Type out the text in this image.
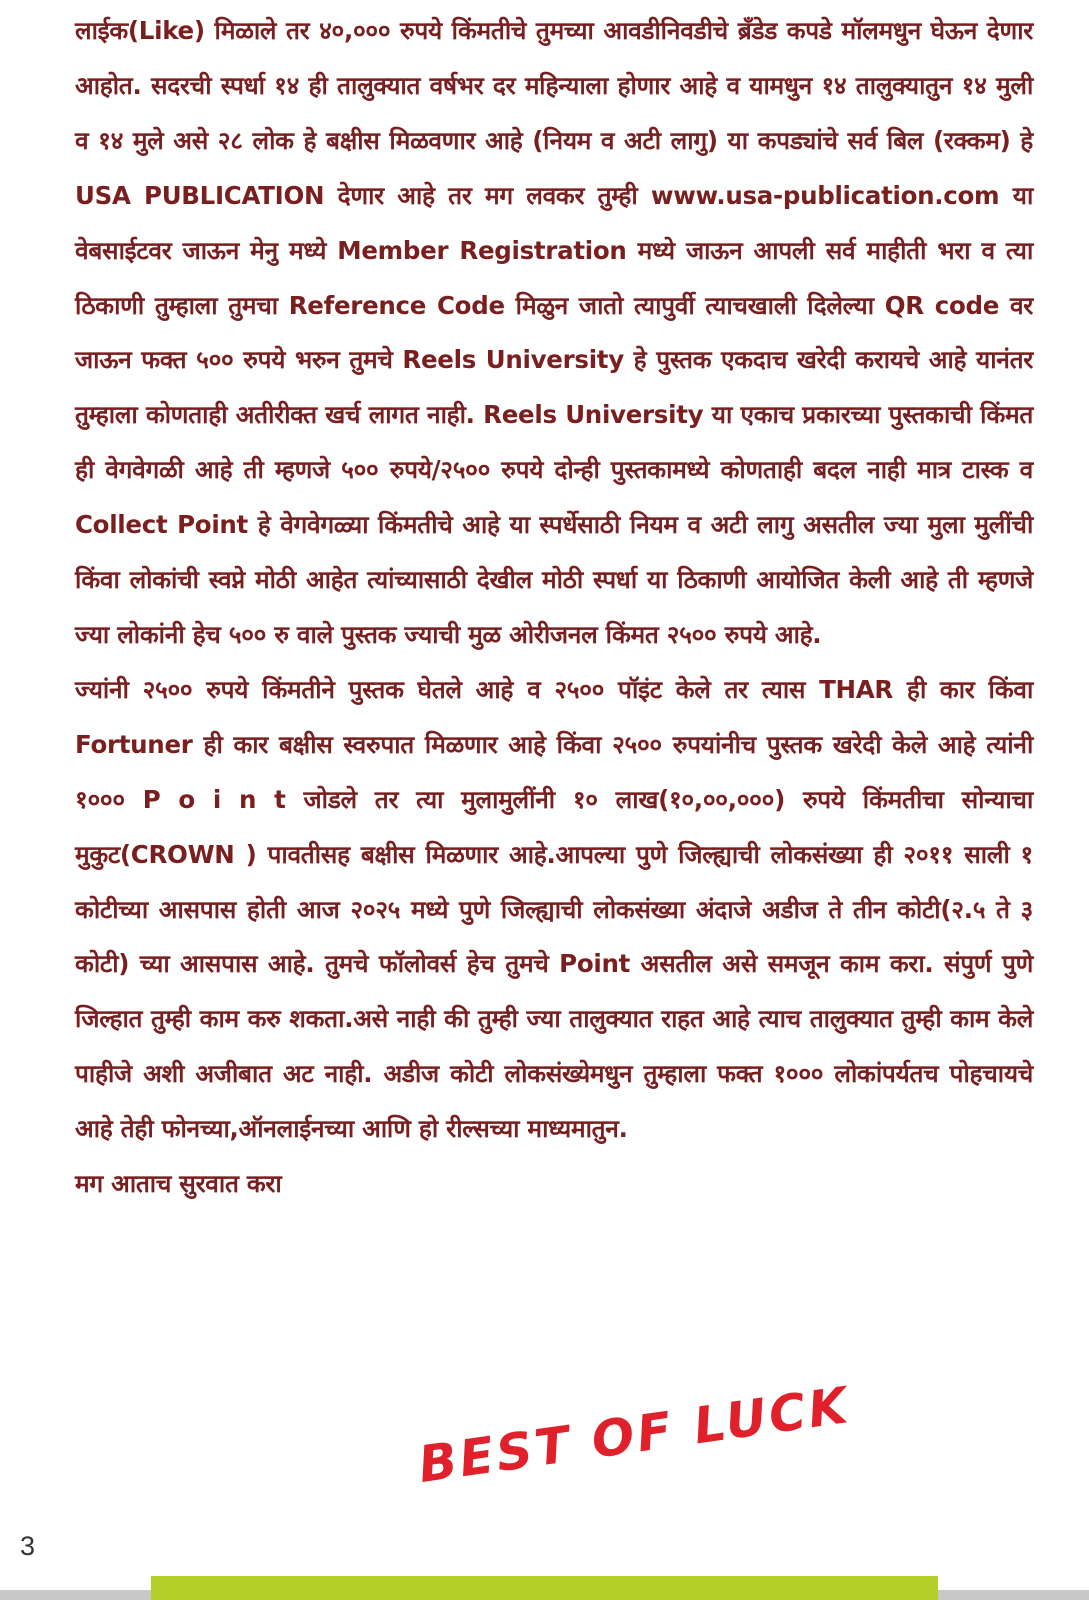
लाईक(Like) मिळाले तर ४०,००० रुपये किंमतीचे तुमच्या आवडीनिवडीचे ब्रँडेड कपडे मॉलमधुन घेऊन देणार आहोत. सदरची स्पर्धा १४ ही तालुक्यात वर्षभर दर महिन्याला होणार आहे व यामधुन १४ तालुक्यातुन १४ मुली व १४ मुले असे २८ लोक हे बक्षीस मिळवणार आहे (नियम व अटी लागु) या कपड्यांचे सर्व बिल (रक्कम) हे USA PUBLICATION देणार आहे तर मग लवकर तुम्ही www.usa-publication.com या वेबसाईटवर जाऊन मेनु मध्ये Member Registration मध्ये जाऊन आपली सर्व माहीती भरा व त्या ठिकाणी तुम्हाला तुमचा Reference Code मिळुन जातो त्यापुर्वी त्याचखाली दिलेल्या QR code वर जाऊन फक्त ५०० रुपये भरुन तुमचे Reels University हे पुस्तक एकदाच खरेदी करायचे आहे यानंतर तुम्हाला कोणताही अतीरीक्त खर्च लागत नाही. Reels University या एकाच प्रकारच्या पुस्तकाची किंमत ही वेगवेगळी आहे ती म्हणजे ५०० रुपये/२५०० रुपये दोन्ही पुस्तकामध्ये कोणताही बदल नाही मात्र टास्क व Collect Point हे वेगवेगळ्या किंमतीचे आहे या स्पर्धेसाठी नियम व अटी लागु असतील ज्या मुला मुलींची किंवा लोकांची स्वप्ने मोठी आहेत त्यांच्यासाठी देखील मोठी स्पर्धा या ठिकाणी आयोजित केली आहे ती म्हणजे ज्या लोकांनी हेच ५०० रु वाले पुस्तक ज्याची मुळ ओरीजनल किंमत २५०० रुपये आहे.

ज्यांनी २५०० रुपये किंमतीने पुस्तक घेतले आहे व २५०० पॉइंट केले तर त्यास THAR ही कार किंवा Fortuner ही कार बक्षीस स्वरुपात मिळणार आहे किंवा २५०० रुपयांनीच पुस्तक खरेदी केले आहे त्यांनी १००० P o i n t जोडले तर त्या मुलामुलींनी १० लाख(१०,००,०००) रुपये किंमतीचा सोन्याचा मुकुट(CROWN ) पावतीसह बक्षीस मिळणार आहे.आपल्या पुणे जिल्ह्याची लोकसंख्या ही २०११ साली १ कोटीच्या आसपास होती आज २०२५ मध्ये पुणे जिल्ह्याची लोकसंख्या अंदाजे अडीज ते तीन कोटी(२.५ ते ३ कोटी) च्या आसपास आहे. तुमचे फॉलोवर्स हेच तुमचे Point असतील असे समजून काम करा. संपुर्ण पुणे जिल्हात तुम्ही काम करु शकता.असे नाही की तुम्ही ज्या तालुक्यात राहत आहे त्याच तालुक्यात तुम्ही काम केले पाहीजे अशी अजीबात अट नाही. अडीज कोटी लोकसंख्येमधुन तुम्हाला फक्त १००० लोकांपर्यतच पोहचायचे आहे तेही फोनच्या,ऑनलाईनच्या आणि हो रील्सच्या माध्यमातुन.

मग आताच सुरवात करा

BEST OF LUCK
3
